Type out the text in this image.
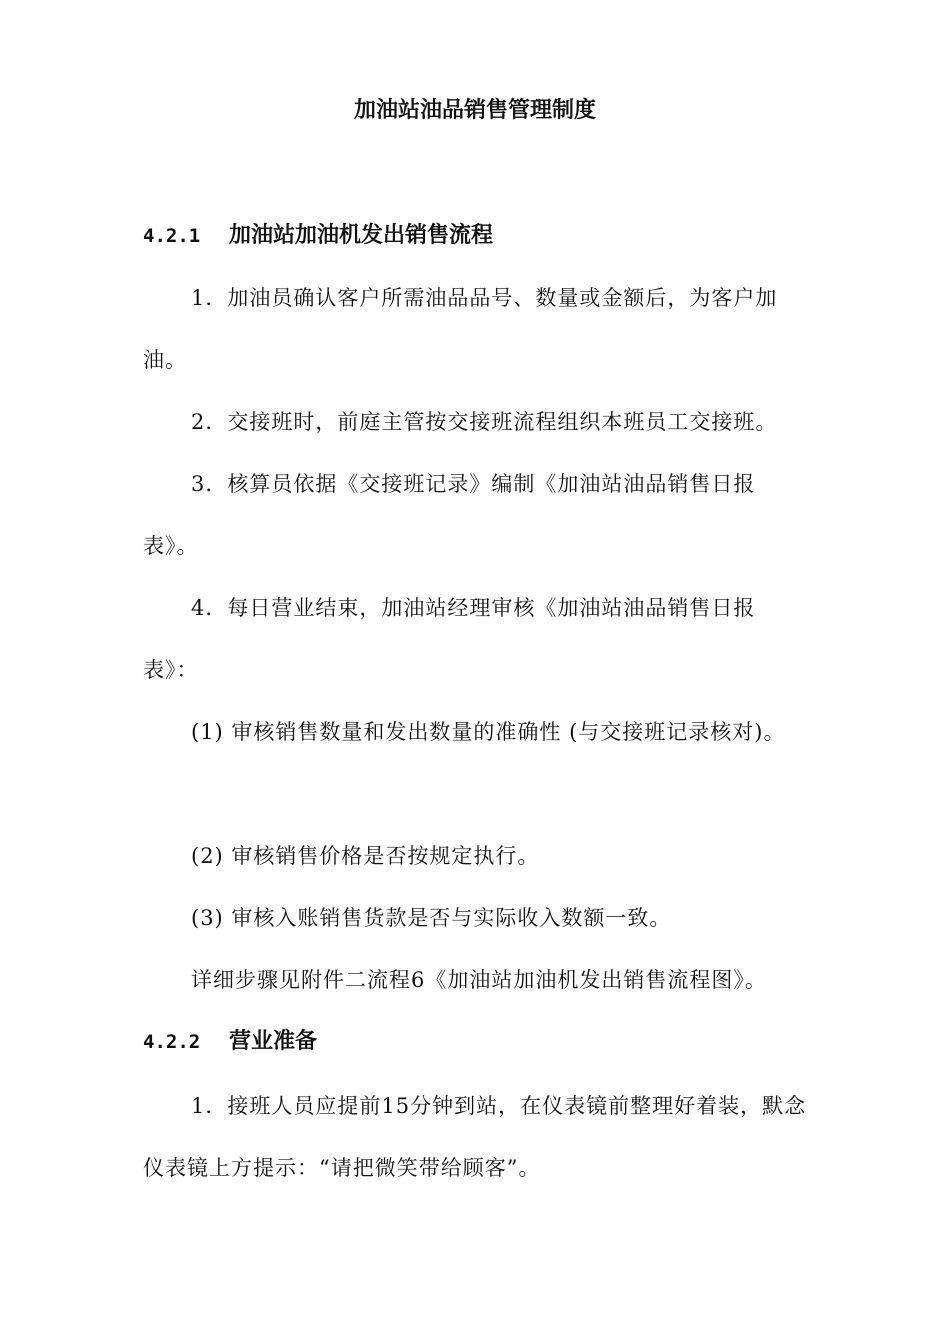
加油站油品销售管理制度
4.2.1 加油站加油机发出销售流程

1．加油员确认客户所需油品品号、数量或金额后，为客户加油。

2．交接班时，前庭主管按交接班流程组织本班员工交接班。

3．核算员依据《交接班记录》编制《加油站油品销售日报表》。

4．每日营业结束，加油站经理审核《加油站油品销售日报表》：

(1) 审核销售数量和发出数量的准确性 (与交接班记录核对)。

(2) 审核销售价格是否按规定执行。

(3) 审核入账销售货款是否与实际收入数额一致。

详细步骤见附件二流程6《加油站加油机发出销售流程图》。

4.2.2 营业准备

1．接班人员应提前15分钟到站，在仪表镜前整理好着装，默念仪表镜上方提示：“请把微笑带给顾客”。
